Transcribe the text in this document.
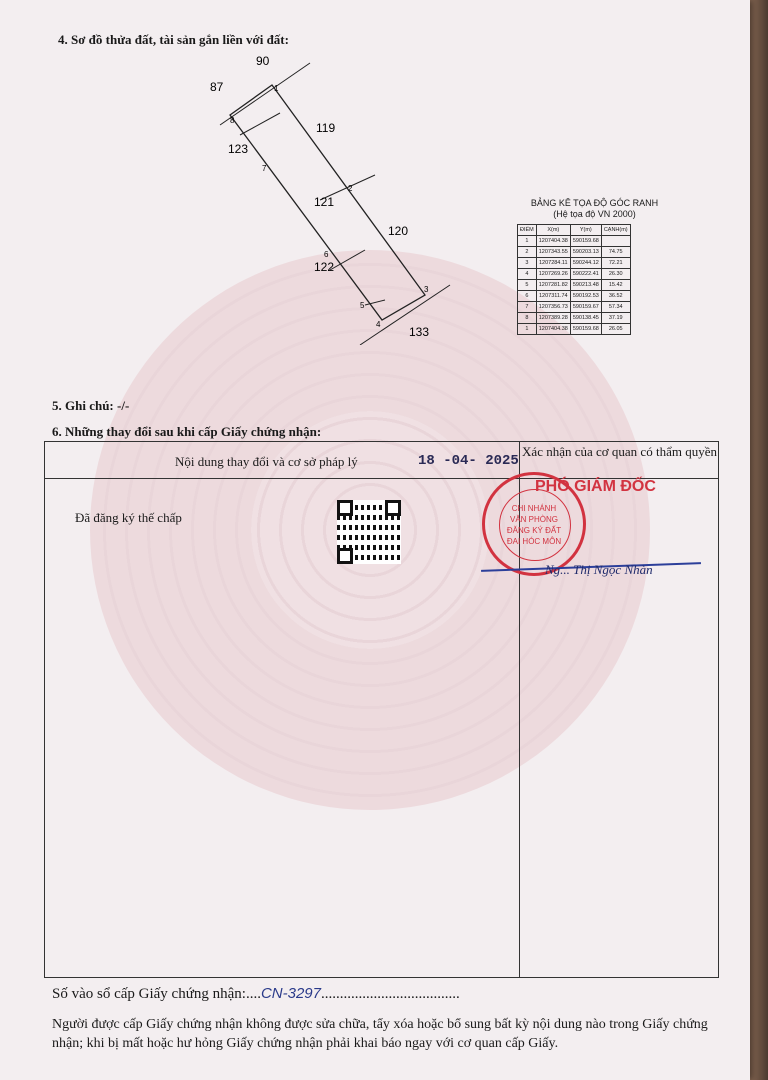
4. Sơ đồ thửa đất, tài sản gắn liền với đất:
90
87
119
123
121
120
122
133
1
2
3
4
5
6
7
8
BẢNG KÊ TỌA ĐỘ GÓC RANH
(Hệ tọa độ VN 2000)
ĐIỂM	X(m)	Y(m)	CẠNH(m)
1	1207404.38	590159.68	
2	1207343.55	590203.13	74.75
3	1207284.11	590244.12	72.21
4	1207269.26	590222.41	26.30
5	1207281.82	590213.48	15.42
6	1207311.74	590192.53	36.52
7	1207356.73	590159.67	57.34
8	1207389.28	590138.45	37.19
1	1207404.38	590159.68	26.05
5. Ghi chú: -/-
6. Những thay đổi sau khi cấp Giấy chứng nhận:
Nội dung thay đổi và cơ sở pháp lý
Xác nhận của cơ quan có thẩm quyền
18 -04- 2025
Đã đăng ký thế chấp
PHÓ GIÁM ĐỐC
CHI NHÁNH VĂN PHÒNG ĐĂNG KÝ ĐẤT ĐAI HÓC MÔN
Ng... Thị Ngọc Nhàn
Số vào sổ cấp Giấy chứng nhận:....CN-3297.....................................
Người được cấp Giấy chứng nhận không được sửa chữa, tẩy xóa hoặc bổ sung bất kỳ nội dung nào trong Giấy chứng nhận; khi bị mất hoặc hư hỏng Giấy chứng nhận phải khai báo ngay với cơ quan cấp Giấy.
